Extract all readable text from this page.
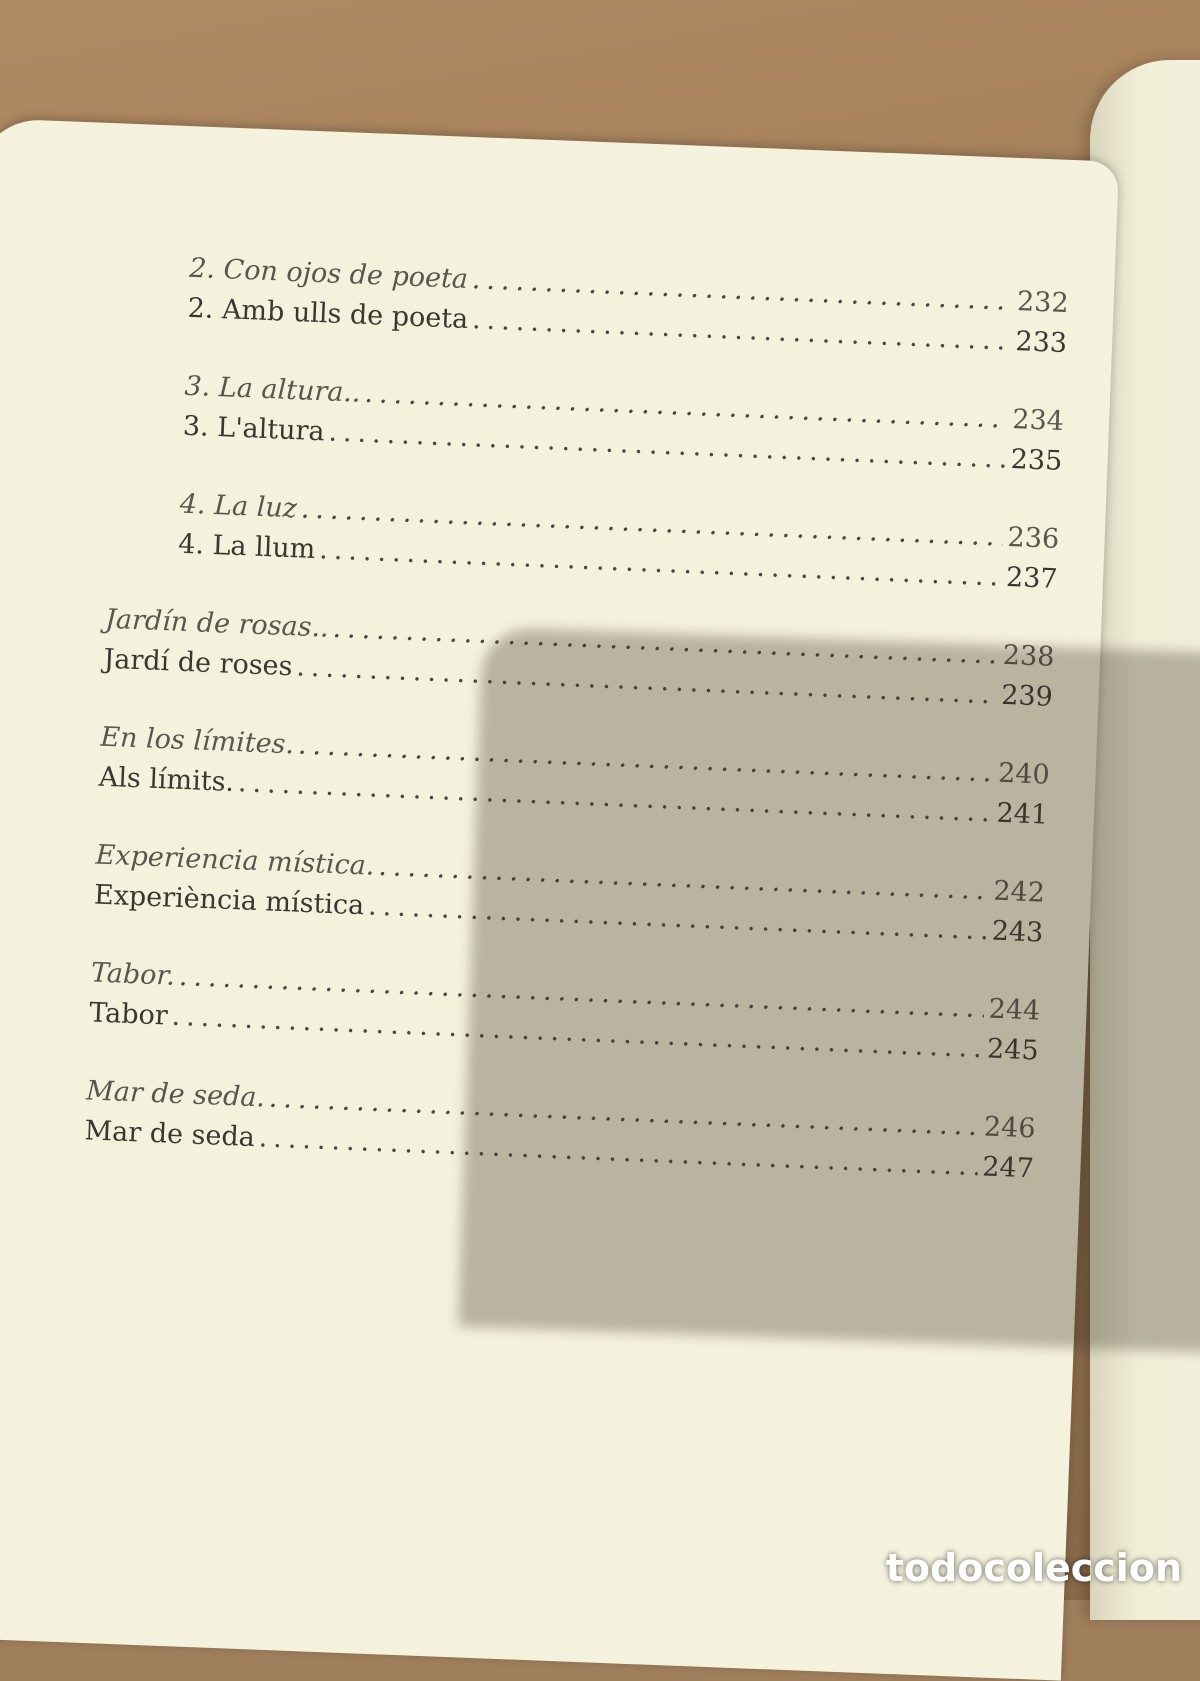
2. Con ojos de poeta
.....
232
2. Amb ulls de poeta
.....
233
3. La altura..
.....
234
3. L'altura
.....
235
4. La luz
.....
236
4. La llum
.....
237
Jardín de rosas..
.....
238
Jardí de roses
.....
239
En los límites.
.....
240
Als límits.
.....
241
Experiencia mística.
.....
242
Experiència mística
.....
243
Tabor.
.....
244
Tabor
.....
245
Mar de seda.
.....
246
Mar de seda
.....
247
todocoleccion
